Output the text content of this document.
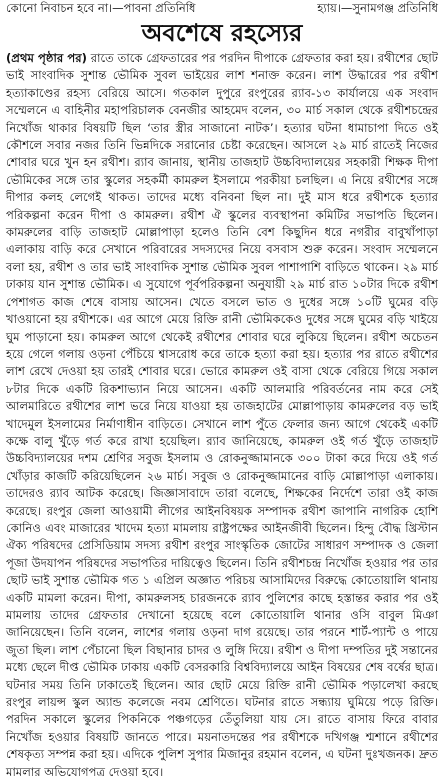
কোনো নিবাচন হবে না।—পাবনা প্রতিনিধি	হ্যায়।—সুনামগঞ্জ প্রতিনিধি
অবশেষে রহস্যের

(প্রথম পৃষ্ঠার পর) রাতে তাকে গ্রেফতারের পর পরদিন দীপাকে গ্রেফতার করা হয়। রথীশের ছোট ভাই সাংবাদিক সুশান্ত ভৌমিক সুবল ভাইয়ের লাশ শনাক্ত করেন। লাশ উদ্ধারের পর রথীশ হত্যাকাণ্ডের রহস্য বেরিয়ে আসে। গতকাল দুপুরে রংপুরের র‌্যাব-১৩ কার্যালয়ে এক সংবাদ সম্মেলনে এ বাহিনীর মহাপরিচালক বেনজীর আহমেদ বলেন, ৩০ মার্চ সকাল থেকে রথীশচন্দ্রের নিখোঁজ থাকার বিষয়টি ছিল ‘তার স্ত্রীর সাজানো নাটক’। হত্যার ঘটনা ধামাচাপা দিতে ওই কৌশলে সবার নজর তিনি ভিন্নদিকে সরানোর চেষ্টা করেছেন। আসলে ২৯ মার্চ রাতেই নিজের শোবার ঘরে খুন হন রথীশ। র‌্যাব জানায়, স্থানীয় তাজহাট উচ্চবিদ্যালয়ের সহকারী শিক্ষক দীপা ভৌমিকের সঙ্গে তার স্কুলের সহকর্মী কামরুল ইসলামে পরকীয়া চলছিল। এ নিয়ে রথীশের সঙ্গে দীপার কলহ লেগেই থাকত। তাদের মধ্যে বনিবনা ছিল না। দুই মাস ধরে রথীশকে হত্যার পরিকল্পনা করেন দীপা ও কামরুল। রথীশ ঐ স্কুলের ব্যবস্থাপনা কমিটির সভাপতি ছিলেন। কামরুলের বাড়ি তাজহাট মোল্লাপাড়া হলেও তিনি বেশ কিছুদিন ধরে নগরীর বাবুখাঁপাড়া এলাকায় বাড়ি করে সেখানে পরিবারের সদস্যদের নিয়ে বসবাস শুরু করেন। সংবাদ সম্মেলনে বলা হয়, রথীশ ও তার ভাই সাংবাদিক সুশান্ত ভৌমিক সুবল পাশাপাশি বাড়িতে থাকেন। ২৯ মার্চ ঢাকায় যান সুশান্ত ভৌমিক। এ সুযোগে পূর্বপরিকল্পনা অনুযায়ী ২৯ মার্চ রাত ১০টার দিকে রথীশ পেশাগত কাজ শেষে বাসায় আসেন। খেতে বসলে ভাত ও দুধের সঙ্গে ১০টি ঘুমের বড়ি খাওয়ানো হয় রথীশকে। এর আগে মেয়ে রিক্তি রানী ভৌমিককেও দুধের সঙ্গে ঘুমের বড়ি খাইয়ে ঘুম পাড়ানো হয়। কামরুল আগে থেকেই রথীশের শোবার ঘরে লুকিয়ে ছিলেন। রথীশ অচেতন হয়ে গেলে গলায় ওড়না পেঁচিয়ে শ্বাসরোধ করে তাকে হত্যা করা হয়। হত্যার পর রাতে রথীশের লাশ রেখে দেওয়া হয় তারই শোবার ঘরে। ভোরে কামরুল ওই বাসা থেকে বেরিয়ে গিয়ে সকাল ৮টার দিকে একটি রিকশাভ্যান নিয়ে আসেন। একটি আলমারি পরিবর্তনের নাম করে সেই আলমারিতে রথীশের লাশ ভরে নিয়ে যাওয়া হয় তাজহাটের মোল্লাপাড়ায় কামরুলের বড় ভাই খাদেমুল ইসলামের নির্মাণাধীন বাড়িতে। সেখানে লাশ পুঁতে ফেলার জন্য আগে থেকেই একটি কক্ষে বালু খুঁড়ে গর্ত করে রাখা হয়েছিল। র‌্যাব জানিয়েছে, কামরুল ওই গর্ত খুঁড়ে তাজহাট উচ্চবিদ্যালয়ের দশম শ্রেণির সবুজ ইসলাম ও রোকনুজ্জামানকে ৩০০ টাকা করে দিয়ে ওই গর্ত খোঁড়ার কাজটি করিয়েছিলেন ২৬ মার্চ। সবুজ ও রোকনুজ্জামানের বাড়ি মোল্লাপাড়া এলাকায়। তাদেরও র‌্যাব আটক করেছে। জিজ্ঞাসাবাদে তারা বলেছে, শিক্ষকের নির্দেশে তারা ওই কাজ করেছে। রংপুর জেলা আওয়ামী লীগের আইনবিষয়ক সম্পাদক রথীশ জাপানি নাগরিক হোশি কোনিও এবং মাজারের খাদেম হত্যা মামলায় রাষ্ট্রপক্ষের আইনজীবী ছিলেন। হিন্দু বৌদ্ধ খ্রিস্টান ঐক্য পরিষদের প্রেসিডিয়াম সদস্য রথীশ রংপুর সাংস্কৃতিক জোটের সাধারণ সম্পাদক ও জেলা পূজা উদযাপন পরিষদের সভাপতির দায়িত্বেও ছিলেন। তিনি রথীশচন্দ্র নিখোঁজ হওয়ার পর তার ছোট ভাই সুশান্ত ভৌমিক গত ১ এপ্রিল অজ্ঞাত পরিচয় আসামিদের বিরুদ্ধে কোতোয়ালি থানায় একটি মামলা করেন। দীপা, কামরুলসহ চারজনকে র‌্যাব পুলিশের কাছে হস্তান্তর করার পর ওই মামলায় তাদের গ্রেফতার দেখানো হয়েছে বলে কোতোয়ালি থানার ওসি বাবুল মিঞা জানিয়েছেন। তিনি বলেন, লাশের গলায় ওড়না দাগ রয়েছে। তার পরনে শার্ট-প্যান্ট ও পায়ে জুতা ছিল। লাশ পেঁচানো ছিল বিছানার চাদর ও লুঙ্গি দিয়ে। রথীশ ও দীপা দম্পতির দুই সন্তানের মধ্যে ছেলে দীপ্ত ভৌমিক ঢাকায় একটি বেসরকারি বিশ্ববিদ্যালয়ে আইন বিষয়ের শেষ বর্ষের ছাত্র। ঘটনার সময় তিনি ঢাকাতেই ছিলেন। আর ছোট মেয়ে রিক্তি রানী ভৌমিক পড়ালেখা করছে রংপুর লায়ন্স স্কুল অ্যান্ড কলেজে নবম শ্রেণিতে। ঘটনার রাতে সন্ধ্যায় ঘুমিয়ে পড়ে রিক্তি। পরদিন সকালে স্কুলের পিকনিকে পঞ্চগড়ের তেঁতুলিয়া যায় সে। রাতে বাসায় ফিরে বাবার নিখোঁজ হওয়ার বিষয়টি জানতে পারে। ময়নাতদন্তের পর রথীশকে দখিগঞ্জ শ্মশানে রথীশের শেষকৃত্য সম্পন্ন করা হয়। এদিকে পুলিশ সুপার মিজানুর রহমান বলেন, এ ঘটনা দুঃখজনক। দ্রুত মামলার অভিযোগপত্র দেওয়া হবে।
